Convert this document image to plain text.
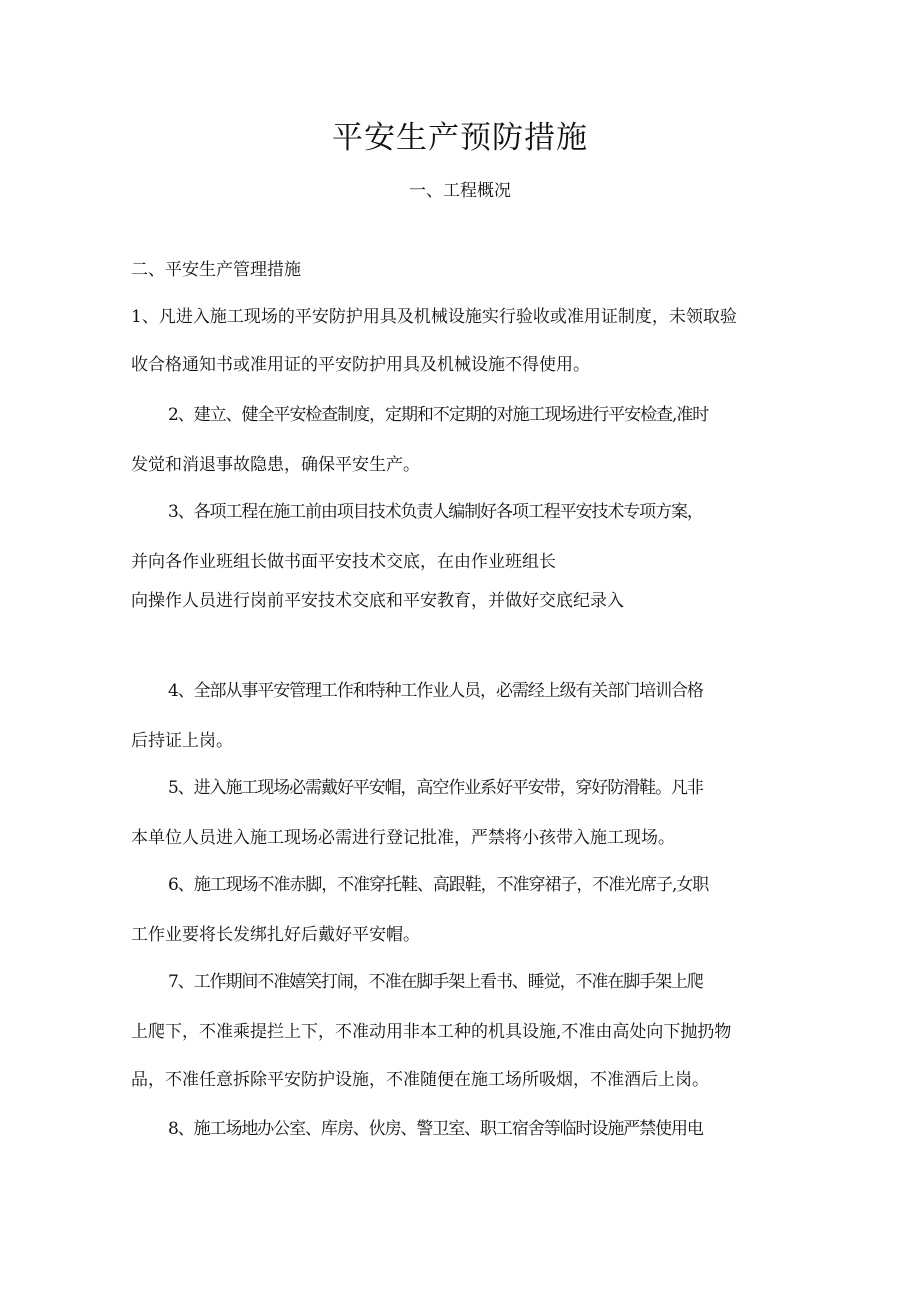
平安生产预防措施
一、工程概况
二、平安生产管理措施
1、凡进入施工现场的平安防护用具及机械设施实行验收或准用证制度，未领取验
收合格通知书或准用证的平安防护用具及机械设施不得使用。
2、建立、健全平安检查制度，定期和不定期的对施工现场进行平安检查,准时
发觉和消退事故隐患，确保平安生产。
3、各项工程在施工前由项目技术负责人编制好各项工程平安技术专项方案，
并向各作业班组长做书面平安技术交底，在由作业班组长
向操作人员进行岗前平安技术交底和平安教育，并做好交底纪录入
4、全部从事平安管理工作和特种工作业人员，必需经上级有关部门培训合格
后持证上岗。
5、进入施工现场必需戴好平安帽，高空作业系好平安带，穿好防滑鞋。凡非
本单位人员进入施工现场必需进行登记批准，严禁将小孩带入施工现场。
6、施工现场不准赤脚，不准穿托鞋、高跟鞋，不准穿裙子，不准光席子,女职
工作业要将长发绑扎好后戴好平安帽。
7、工作期间不准嬉笑打闹，不准在脚手架上看书、睡觉，不准在脚手架上爬
上爬下，不准乘提拦上下，不准动用非本工种的机具设施,不准由高处向下抛扔物
品，不准任意拆除平安防护设施，不准随便在施工场所吸烟，不准酒后上岗。
8、施工场地办公室、库房、伙房、警卫室、职工宿舍等临时设施严禁使用电
